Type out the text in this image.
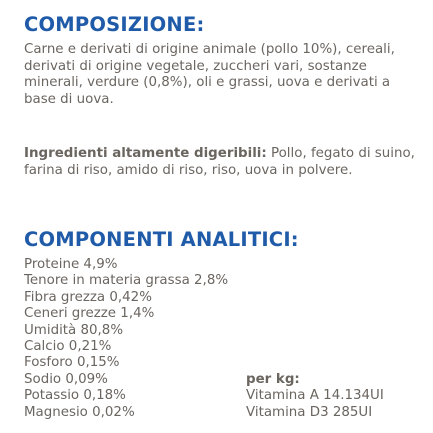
COMPOSIZIONE:

Carne e derivati di origine animale (pollo 10%), cereali, derivati di origine vegetale, zuccheri vari, sostanze minerali, verdure (0,8%), oli e grassi, uova e derivati a base di uova.

Ingredienti altamente digeribili: Pollo, fegato di suino, farina di riso, amido di riso, riso, uova in polvere.

COMPONENTI ANALITICI:
Proteine 4,9%
Tenore in materia grassa 2,8%
Fibra grezza 0,42%
Ceneri grezze 1,4%
Umidità 80,8%
Calcio 0,21%
Fosforo 0,15%
Sodio 0,09%
Potassio 0,18%
Magnesio 0,02%
per kg:
Vitamina A 14.134UI
Vitamina D3 285UI
